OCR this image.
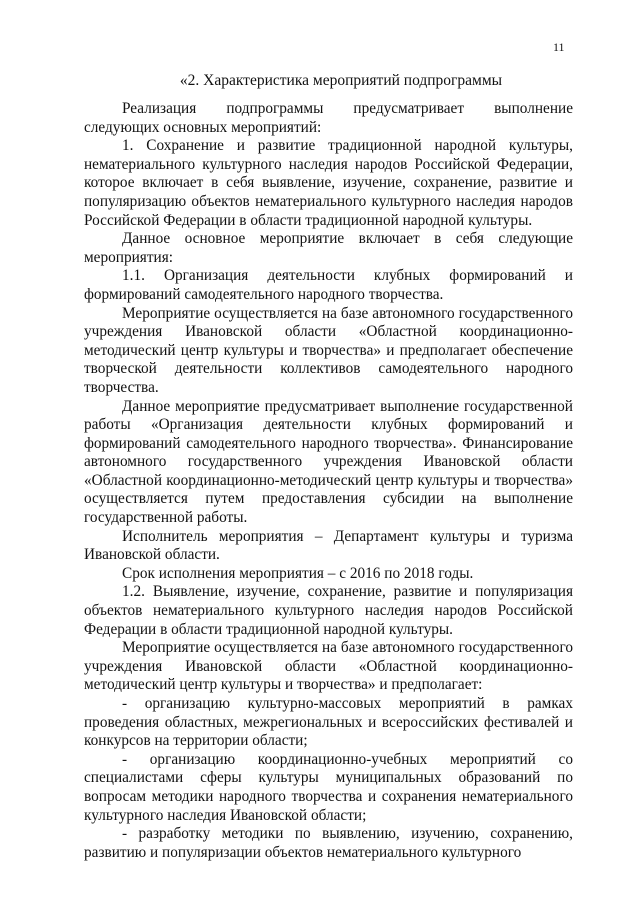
11
«2. Характеристика мероприятий подпрограммы

Реализация подпрограммы предусматривает выполнение следующих основных мероприятий:

1. Сохранение и развитие традиционной народной культуры, нематериального культурного наследия народов Российской Федерации, которое включает в себя выявление, изучение, сохранение, развитие и популяризацию объектов нематериального культурного наследия народов Российской Федерации в области традиционной народной культуры.

Данное основное мероприятие включает в себя следующие мероприятия:

1.1. Организация деятельности клубных формирований и формирований самодеятельного народного творчества.

Мероприятие осуществляется на базе автономного государственного учреждения Ивановской области «Областной координационно-методический центр культуры и творчества» и предполагает обеспечение творческой деятельности коллективов самодеятельного народного творчества.

Данное мероприятие предусматривает выполнение государственной работы «Организация деятельности клубных формирований и формирований самодеятельного народного творчества». Финансирование автономного государственного учреждения Ивановской области «Областной координационно-методический центр культуры и творчества» осуществляется путем предоставления субсидии на выполнение государственной работы.

Исполнитель мероприятия – Департамент культуры и туризма Ивановской области.

Срок исполнения мероприятия – с 2016 по 2018 годы.

1.2. Выявление, изучение, сохранение, развитие и популяризация объектов нематериального культурного наследия народов Российской Федерации в области традиционной народной культуры.

Мероприятие осуществляется на базе автономного государственного учреждения Ивановской области «Областной координационно-методический центр культуры и творчества» и предполагает:

- организацию культурно-массовых мероприятий в рамках проведения областных, межрегиональных и всероссийских фестивалей и конкурсов на территории области;

- организацию координационно-учебных мероприятий со специалистами сферы культуры муниципальных образований по вопросам методики народного творчества и сохранения нематериального культурного наследия Ивановской области;

- разработку методики по выявлению, изучению, сохранению, развитию и популяризации объектов нематериального культурного
